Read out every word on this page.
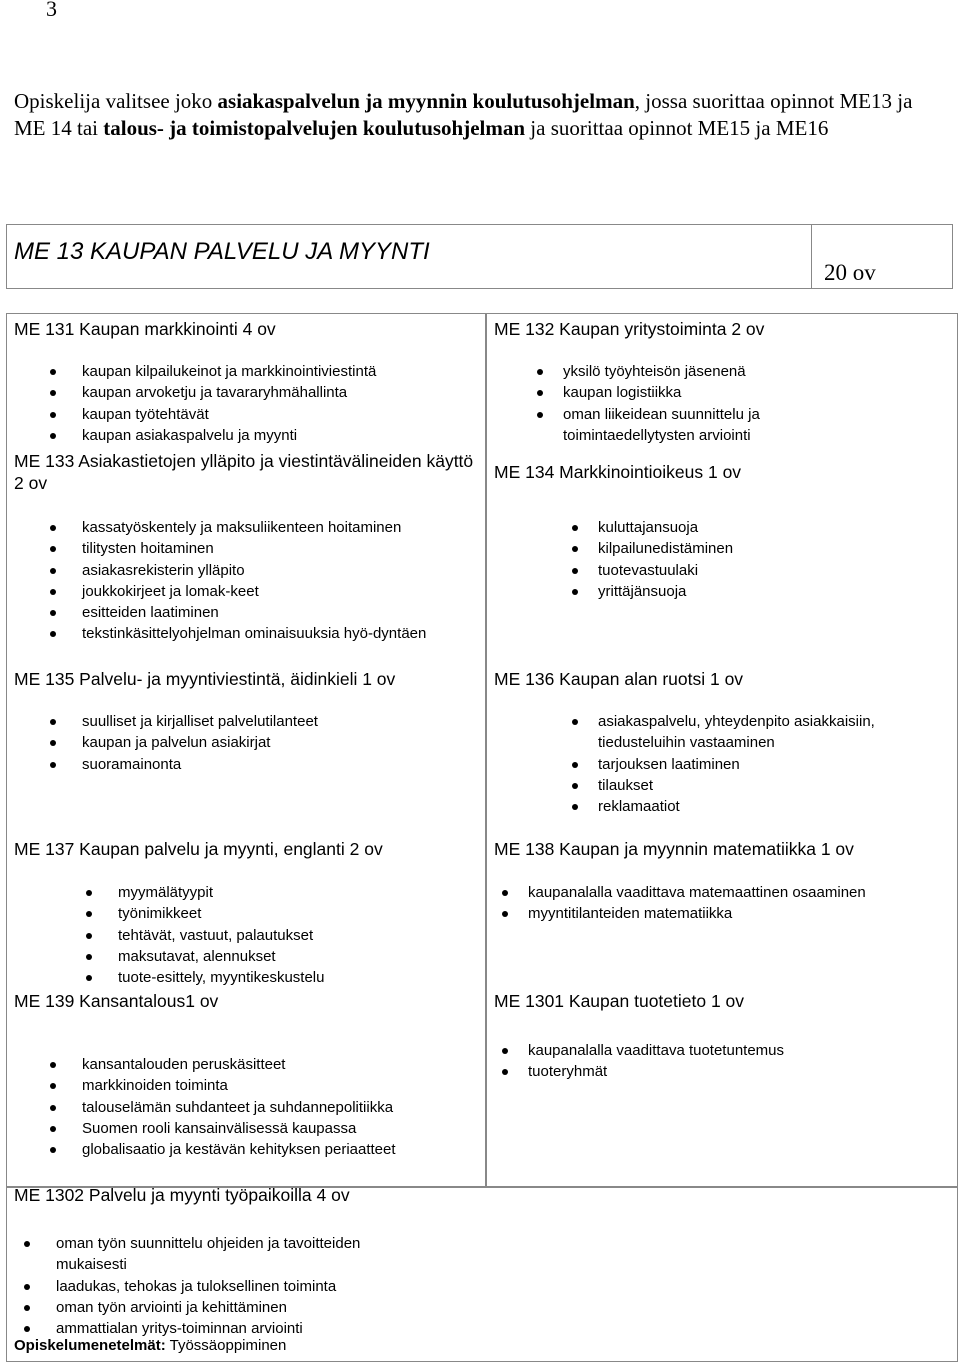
3
Opiskelija valitsee joko asiakaspalvelun ja myynnin koulutusohjelman, jossa suorittaa opinnot ME13 ja ME 14 tai talous- ja toimistopalvelujen koulutusohjelman ja suorittaa opinnot ME15 ja ME16
ME 13 KAUPAN PALVELU JA MYYNTI
20 ov
ME 131 Kaupan markkinointi 4 ov
kaupan kilpailukeinot ja markkinointiviestintä
kaupan arvoketju ja tavararyhmähallinta
kaupan työtehtävät
kaupan asiakaspalvelu ja myynti
ME 133 Asiakastietojen ylläpito ja viestintävälineiden käyttö 2 ov
kassatyöskentely ja maksuliikenteen hoitaminen
tilitysten hoitaminen
asiakasrekisterin ylläpito
joukkokirjeet ja lomak-keet
esitteiden laatiminen
tekstinkäsittelyohjelman ominaisuuksia hyö-dyntäen
ME 135 Palvelu- ja myyntiviestintä, äidinkieli 1 ov
suulliset ja kirjalliset palvelutilanteet
kaupan ja palvelun asiakirjat
suoramainonta
ME 137 Kaupan palvelu ja myynti, englanti 2 ov
myymälätyypit
työnimikkeet
tehtävät, vastuut, palautukset
maksutavat, alennukset
tuote-esittely, myyntikeskustelu
ME 139 Kansantalous1 ov
kansantalouden peruskäsitteet
markkinoiden toiminta
talouselämän suhdanteet ja suhdannepolitiikka
Suomen rooli kansainvälisessä kaupassa
globalisaatio ja kestävän kehityksen periaatteet
ME 1302 Palvelu ja myynti työpaikoilla 4 ov
oman työn suunnittelu ohjeiden ja tavoitteiden mukaisesti
laadukas, tehokas ja tuloksellinen toiminta
oman työn arviointi ja kehittäminen
ammattialan yritys-toiminnan arviointi
ME 132 Kaupan yritystoiminta 2 ov
yksilö työyhteisön jäsenenä
kaupan logistiikka
oman liikeidean suunnittelu ja toimintaedellytysten arviointi
ME 134 Markkinointioikeus 1 ov
kuluttajansuoja
kilpailunedistäminen
tuotevastuulaki
yrittäjänsuoja
ME 136 Kaupan alan ruotsi 1 ov
asiakaspalvelu, yhteydenpito asiakkaisiin, tiedusteluihin vastaaminen
tarjouksen laatiminen
tilaukset
reklamaatiot
ME 138 Kaupan ja myynnin matematiikka 1 ov
kaupanalalla vaadittava matemaattinen osaaminen
myyntitilanteiden matematiikka
ME 1301 Kaupan tuotetieto 1 ov
kaupanalalla vaadittava tuotetuntemus
tuoteryhmät
Opiskelumenetelmät: Työssäoppiminen
